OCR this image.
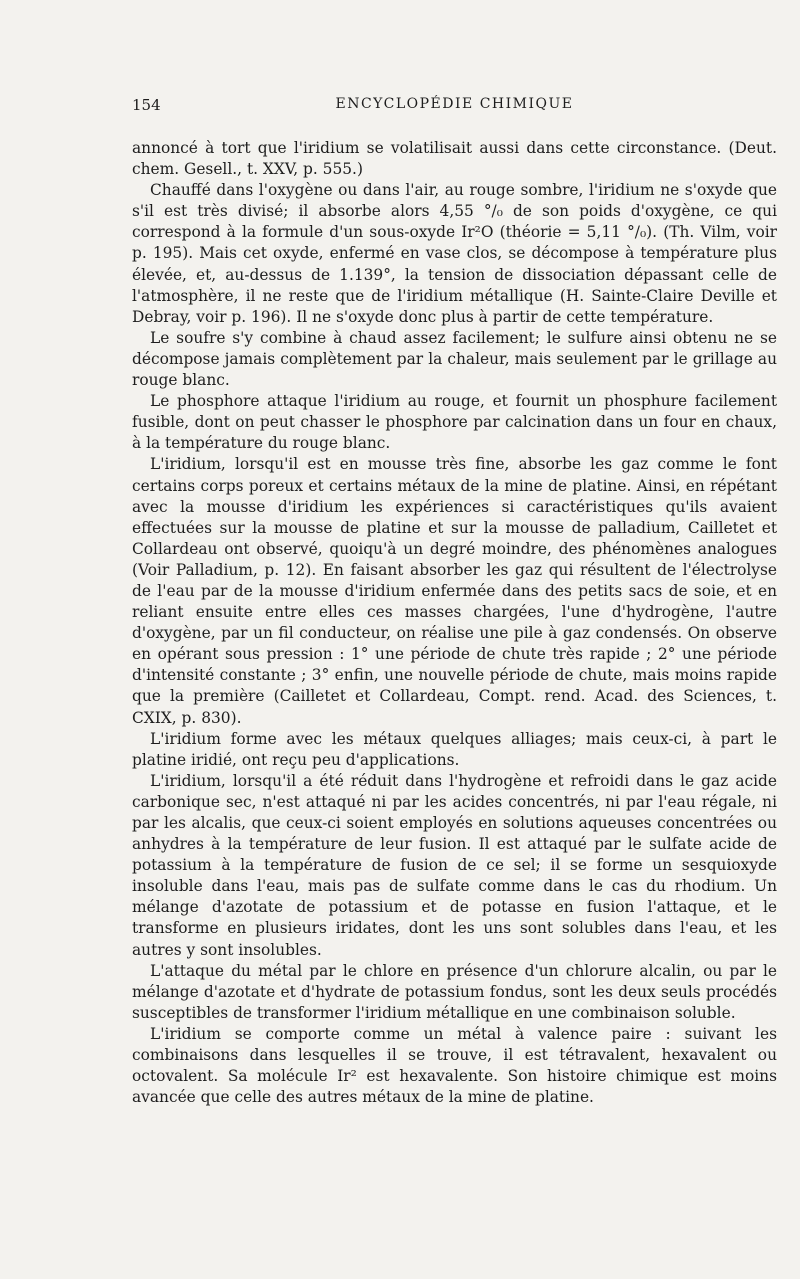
154	ENCYCLOPÉDIE CHIMIQUE

annoncé à tort que l'iridium se volatilisait aussi dans cette circonstance. (Deut. chem. Gesell., t. XXV, p. 555.)

Chauffé dans l'oxygène ou dans l'air, au rouge sombre, l'iridium ne s'oxyde que s'il est très divisé; il absorbe alors 4,55 °/₀ de son poids d'oxygène, ce qui correspond à la formule d'un sous-oxyde Ir²O (théorie = 5,11 °/₀). (Th. Vilm, voir p. 195). Mais cet oxyde, enfermé en vase clos, se décompose à température plus élevée, et, au-dessus de 1.139°, la tension de dissociation dépassant celle de l'atmosphère, il ne reste que de l'iridium métallique (H. Sainte-Claire Deville et Debray, voir p. 196). Il ne s'oxyde donc plus à partir de cette température.

Le soufre s'y combine à chaud assez facilement; le sulfure ainsi obtenu ne se décompose jamais complètement par la chaleur, mais seulement par le grillage au rouge blanc.

Le phosphore attaque l'iridium au rouge, et fournit un phosphure facilement fusible, dont on peut chasser le phosphore par calcination dans un four en chaux, à la température du rouge blanc.

L'iridium, lorsqu'il est en mousse très fine, absorbe les gaz comme le font certains corps poreux et certains métaux de la mine de platine. Ainsi, en répétant avec la mousse d'iridium les expériences si caractéristiques qu'ils avaient effectuées sur la mousse de platine et sur la mousse de palladium, Cailletet et Collardeau ont observé, quoiqu'à un degré moindre, des phénomènes analogues (Voir Palladium, p. 12). En faisant absorber les gaz qui résultent de l'électrolyse de l'eau par de la mousse d'iridium enfermée dans des petits sacs de soie, et en reliant ensuite entre elles ces masses chargées, l'une d'hydrogène, l'autre d'oxygène, par un fil conducteur, on réalise une pile à gaz condensés. On observe en opérant sous pression : 1° une période de chute très rapide ; 2° une période d'intensité constante ; 3° enfin, une nouvelle période de chute, mais moins rapide que la première (Cailletet et Collardeau, Compt. rend. Acad. des Sciences, t. CXIX, p. 830).

L'iridium forme avec les métaux quelques alliages; mais ceux-ci, à part le platine iridié, ont reçu peu d'applications.

L'iridium, lorsqu'il a été réduit dans l'hydrogène et refroidi dans le gaz acide carbonique sec, n'est attaqué ni par les acides concentrés, ni par l'eau régale, ni par les alcalis, que ceux-ci soient employés en solutions aqueuses concentrées ou anhydres à la température de leur fusion. Il est attaqué par le sulfate acide de potassium à la température de fusion de ce sel; il se forme un sesquioxyde insoluble dans l'eau, mais pas de sulfate comme dans le cas du rhodium. Un mélange d'azotate de potassium et de potasse en fusion l'attaque, et le transforme en plusieurs iridates, dont les uns sont solubles dans l'eau, et les autres y sont insolubles.

L'attaque du métal par le chlore en présence d'un chlorure alcalin, ou par le mélange d'azotate et d'hydrate de potassium fondus, sont les deux seuls procédés susceptibles de transformer l'iridium métallique en une combinaison soluble.

L'iridium se comporte comme un métal à valence paire : suivant les combinaisons dans lesquelles il se trouve, il est tétravalent, hexavalent ou octovalent. Sa molécule Ir² est hexavalente. Son histoire chimique est moins avancée que celle des autres métaux de la mine de platine.
